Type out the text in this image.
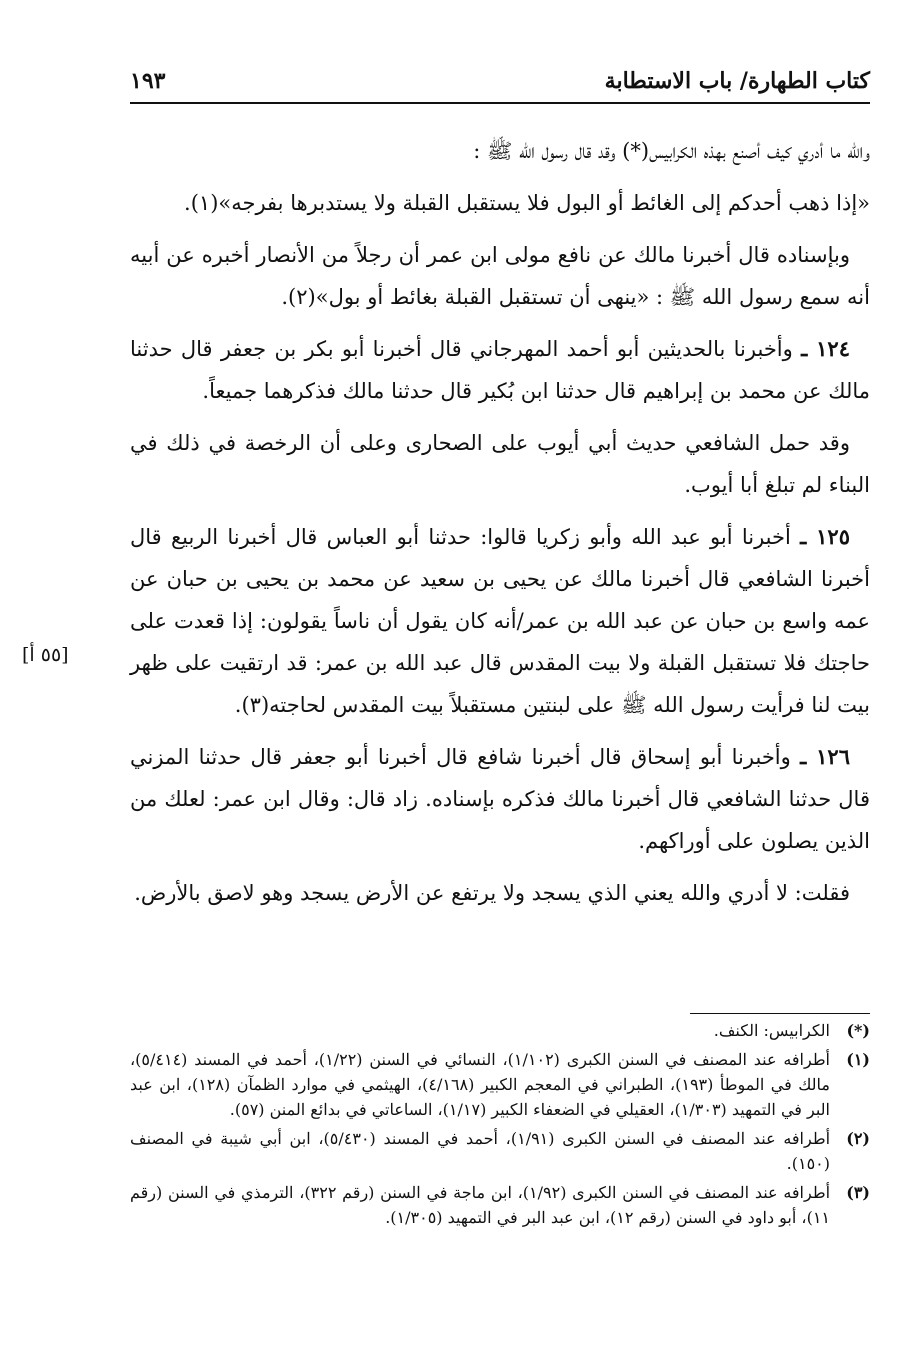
كتاب الطهارة/ باب الاستطابة
١٩٣
[٥٥ أ]

والله ما أدري كيف أصنع بهذه الكرابيس(*) وقد قال رسول الله ﷺ :

«إذا ذهب أحدكم إلى الغائط أو البول فلا يستقبل القبلة ولا يستدبرها بفرجه»(١).

وبإسناده قال أخبرنا مالك عن نافع مولى ابن عمر أن رجلاً من الأنصار أخبره عن أبيه أنه سمع رسول الله ﷺ : «ينهى أن تستقبل القبلة بغائط أو بول»(٢).

١٢٤ ـ وأخبرنا بالحديثين أبو أحمد المهرجاني قال أخبرنا أبو بكر بن جعفر قال حدثنا مالك عن محمد بن إبراهيم قال حدثنا ابن بُكير قال حدثنا مالك فذكرهما جميعاً.

وقد حمل الشافعي حديث أبي أيوب على الصحارى وعلى أن الرخصة في ذلك في البناء لم تبلغ أبا أيوب.

١٢٥ ـ أخبرنا أبو عبد الله وأبو زكريا قالوا: حدثنا أبو العباس قال أخبرنا الربيع قال أخبرنا الشافعي قال أخبرنا مالك عن يحيى بن سعيد عن محمد بن يحيى بن حبان عن عمه واسع بن حبان عن عبد الله بن عمر/أنه كان يقول أن ناساً يقولون: إذا قعدت على حاجتك فلا تستقبل القبلة ولا بيت المقدس قال عبد الله بن عمر: قد ارتقيت على ظهر بيت لنا فرأيت رسول الله ﷺ على لبنتين مستقبلاً بيت المقدس لحاجته(٣).

١٢٦ ـ وأخبرنا أبو إسحاق قال أخبرنا شافع قال أخبرنا أبو جعفر قال حدثنا المزني قال حدثنا الشافعي قال أخبرنا مالك فذكره بإسناده. زاد قال: وقال ابن عمر: لعلك من الذين يصلون على أوراكهم.

فقلت: لا أدري والله يعني الذي يسجد ولا يرتفع عن الأرض يسجد وهو لاصق بالأرض.

(*)
الكرابيس: الكنف.
(١)
أطرافه عند المصنف في السنن الكبرى (١/١٠٢)، النسائي في السنن (١/٢٢)، أحمد في المسند (٥/٤١٤)، مالك في الموطأ (١٩٣)، الطبراني في المعجم الكبير (٤/١٦٨)، الهيثمي في موارد الظمآن (١٢٨)، ابن عبد البر في التمهيد (١/٣٠٣)، العقيلي في الضعفاء الكبير (١/١٧)، الساعاتي في بدائع المنن (٥٧).
(٢)
أطرافه عند المصنف في السنن الكبرى (١/٩١)، أحمد في المسند (٥/٤٣٠)، ابن أبي شيبة في المصنف (١٥٠).
(٣)
أطرافه عند المصنف في السنن الكبرى (١/٩٢)، ابن ماجة في السنن (رقم ٣٢٢)، الترمذي في السنن (رقم ١١)، أبو داود في السنن (رقم ١٢)، ابن عبد البر في التمهيد (١/٣٠٥).
